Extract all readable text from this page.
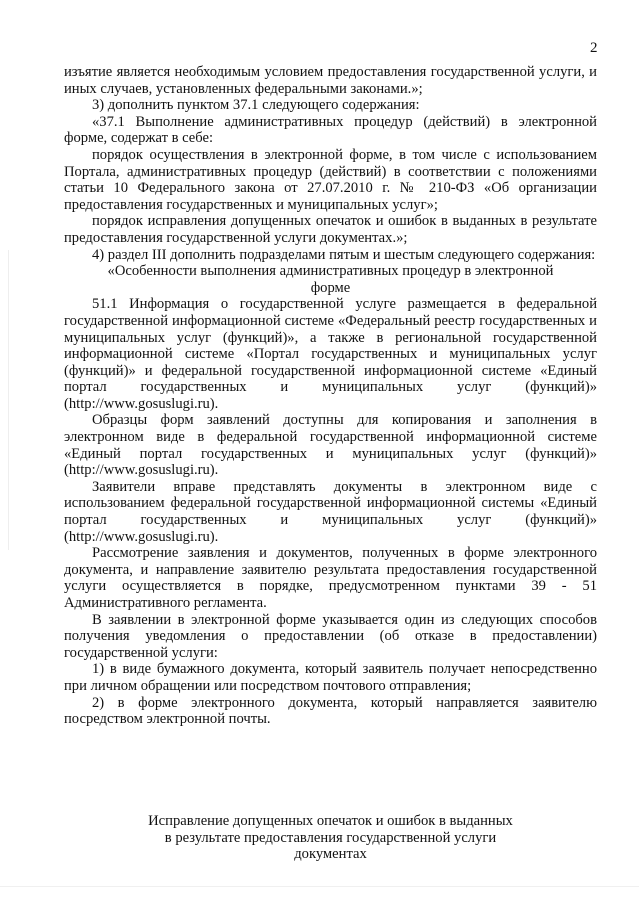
2

изъятие является необходимым условием предоставления государственной услуги, и иных случаев, установленных федеральными законами.»;

3) дополнить пунктом 37.1 следующего содержания:

«37.1 Выполнение административных процедур (действий) в электронной форме, содержат в себе:

порядок осуществления в электронной форме, в том числе с использованием Портала, административных процедур (действий) в соответствии с положениями статьи 10 Федерального закона от 27.07.2010 г. № 210-ФЗ «Об организации предоставления государственных и муниципальных услуг»;

порядок исправления допущенных опечаток и ошибок в выданных в результате предоставления государственной услуги документах.»;

4) раздел III дополнить подразделами пятым и шестым следующего содержания:

«Особенности выполнения административных процедур в электронной форме

51.1 Информация о государственной услуге размещается в федеральной государственной информационной системе «Федеральный реестр государственных и муниципальных услуг (функций)», а также в региональной государственной информационной системе «Портал государственных и муниципальных услуг (функций)» и федеральной государственной информационной системе «Единый портал государственных и муниципальных услуг (функций)» (http://www.gosuslugi.ru).

Образцы форм заявлений доступны для копирования и заполнения в электронном виде в федеральной государственной информационной системе «Единый портал государственных и муниципальных услуг (функций)» (http://www.gosuslugi.ru).

Заявители вправе представлять документы в электронном виде с использованием федеральной государственной информационной системы «Единый портал государственных и муниципальных услуг (функций)» (http://www.gosuslugi.ru).

Рассмотрение заявления и документов, полученных в форме электронного документа, и направление заявителю результата предоставления государственной услуги осуществляется в порядке, предусмотренном пунктами 39 - 51 Административного регламента.

В заявлении в электронной форме указывается один из следующих способов получения уведомления о предоставлении (об отказе в предоставлении) государственной услуги:

1) в виде бумажного документа, который заявитель получает непосредственно при личном обращении или посредством почтового отправления;

2) в форме электронного документа, который направляется заявителю посредством электронной почты.

Исправление допущенных опечаток и ошибок в выданных
в результате предоставления государственной услуги
документах
